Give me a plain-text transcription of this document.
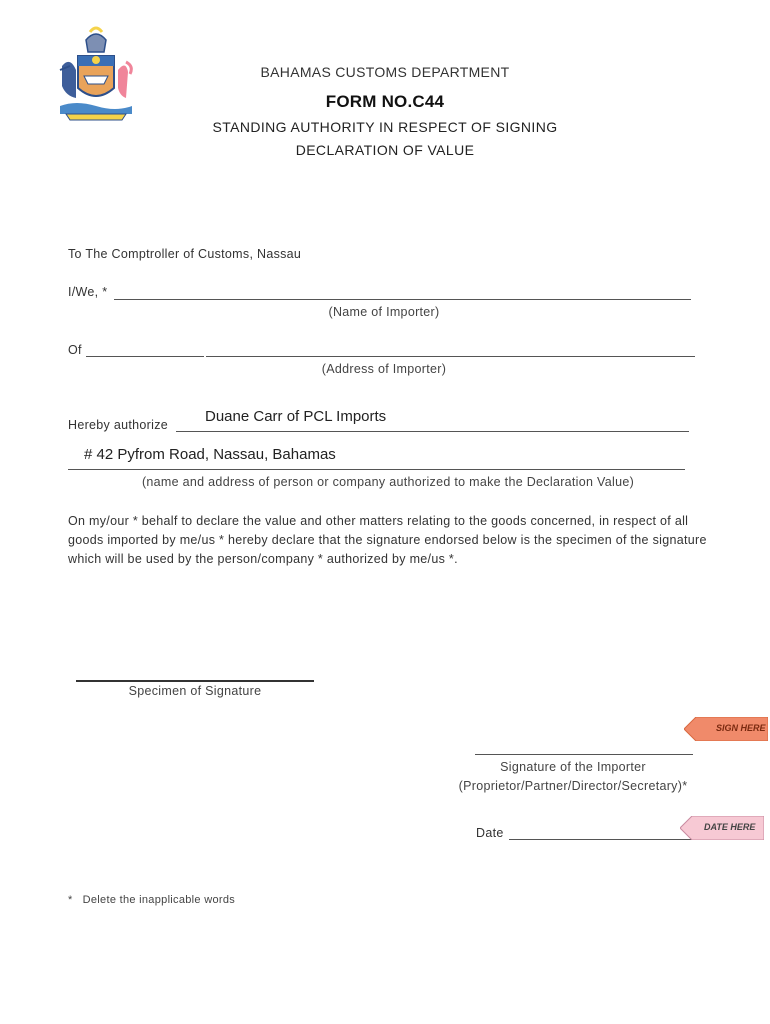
BAHAMAS CUSTOMS DEPARTMENT
FORM NO.C44
STANDING AUTHORITY IN RESPECT OF SIGNING
DECLARATION OF VALUE
To The Comptroller of Customs, Nassau
I/We, *
(Name of Importer)
Of
(Address of Importer)
Hereby authorize Duane Carr of PCL Imports
# 42 Pyfrom Road, Nassau, Bahamas
(name and address of person or company authorized to make the Declaration Value)
On my/our * behalf to declare the value and other matters relating to the goods concerned, in respect of all goods imported by me/us * hereby declare that the signature endorsed below is the specimen of the signature which will be used by the person/company * authorized by me/us *.
Specimen of Signature
SIGN HERE
Signature of the Importer
(Proprietor/Partner/Director/Secretary)*
Date	DATE HERE
*   Delete the inapplicable words
